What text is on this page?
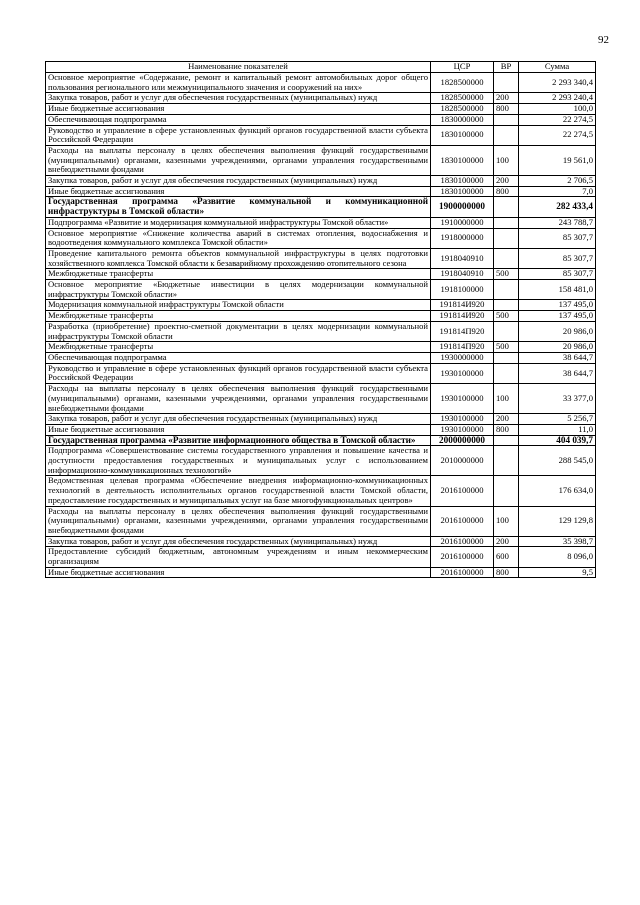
92
Наименование показателей	ЦСР	ВР	Сумма
Основное мероприятие «Содержание, ремонт и капитальный ремонт автомобильных дорог общего пользования регионального или межмуниципального значения и сооружений на них»	1828500000		2 293 340,4
Закупка товаров, работ и услуг для обеспечения государственных (муниципальных) нужд	1828500000	200	2 293 240,4
Иные бюджетные ассигнования	1828500000	800	100,0
Обеспечивающая подпрограмма	1830000000		22 274,5
Руководство и управление в сфере установленных функций органов государственной власти субъекта Российской Федерации	1830100000		22 274,5
Расходы на выплаты персоналу в целях обеспечения выполнения функций государственными (муниципальными) органами, казенными учреждениями, органами управления государственными внебюджетными фондами	1830100000	100	19 561,0
Закупка товаров, работ и услуг для обеспечения государственных (муниципальных) нужд	1830100000	200	2 706,5
Иные бюджетные ассигнования	1830100000	800	7,0
Государственная программа «Развитие коммунальной и коммуникационной инфраструктуры в Томской области»	1900000000		282 433,4
Подпрограмма «Развитие и модернизация коммунальной инфраструктуры Томской области»	1910000000		243 788,7
Основное мероприятие «Снижение количества аварий в системах отопления, водоснабжения и водоотведения коммунального комплекса Томской области»	1918000000		85 307,7
Проведение капитального ремонта объектов коммунальной инфраструктуры в целях подготовки хозяйственного комплекса Томской области к безаварийному прохождению отопительного сезона	1918040910		85 307,7
Межбюджетные трансферты	1918040910	500	85 307,7
Основное мероприятие «Бюджетные инвестиции в целях модернизации коммунальной инфраструктуры Томской области»	1918100000		158 481,0
Модернизация коммунальной инфраструктуры Томской области	191814И920		137 495,0
Межбюджетные трансферты	191814И920	500	137 495,0
Разработка (приобретение) проектно-сметной документации в целях модернизации коммунальной инфраструктуры Томской области	191814П920		20 986,0
Межбюджетные трансферты	191814П920	500	20 986,0
Обеспечивающая подпрограмма	1930000000		38 644,7
Руководство и управление в сфере установленных функций органов государственной власти субъекта Российской Федерации	1930100000		38 644,7
Расходы на выплаты персоналу в целях обеспечения выполнения функций государственными (муниципальными) органами, казенными учреждениями, органами управления государственными внебюджетными фондами	1930100000	100	33 377,0
Закупка товаров, работ и услуг для обеспечения государственных (муниципальных) нужд	1930100000	200	5 256,7
Иные бюджетные ассигнования	1930100000	800	11,0
Государственная программа «Развитие информационного общества в Томской области»	2000000000		404 039,7
Подпрограмма «Совершенствование системы государственного управления и повышение качества и доступности предоставления государственных и муниципальных услуг с использованием информационно-коммуникационных технологий»	2010000000		288 545,0
Ведомственная целевая программа «Обеспечение внедрения информационно-коммуникационных технологий в деятельность исполнительных органов государственной власти Томской области, предоставление государственных и муниципальных услуг на базе многофункциональных центров»	2016100000		176 634,0
Расходы на выплаты персоналу в целях обеспечения выполнения функций государственными (муниципальными) органами, казенными учреждениями, органами управления государственными внебюджетными фондами	2016100000	100	129 129,8
Закупка товаров, работ и услуг для обеспечения государственных (муниципальных) нужд	2016100000	200	35 398,7
Предоставление субсидий бюджетным, автономным учреждениям и иным некоммерческим организациям	2016100000	600	8 096,0
Иные бюджетные ассигнования	2016100000	800	9,5
